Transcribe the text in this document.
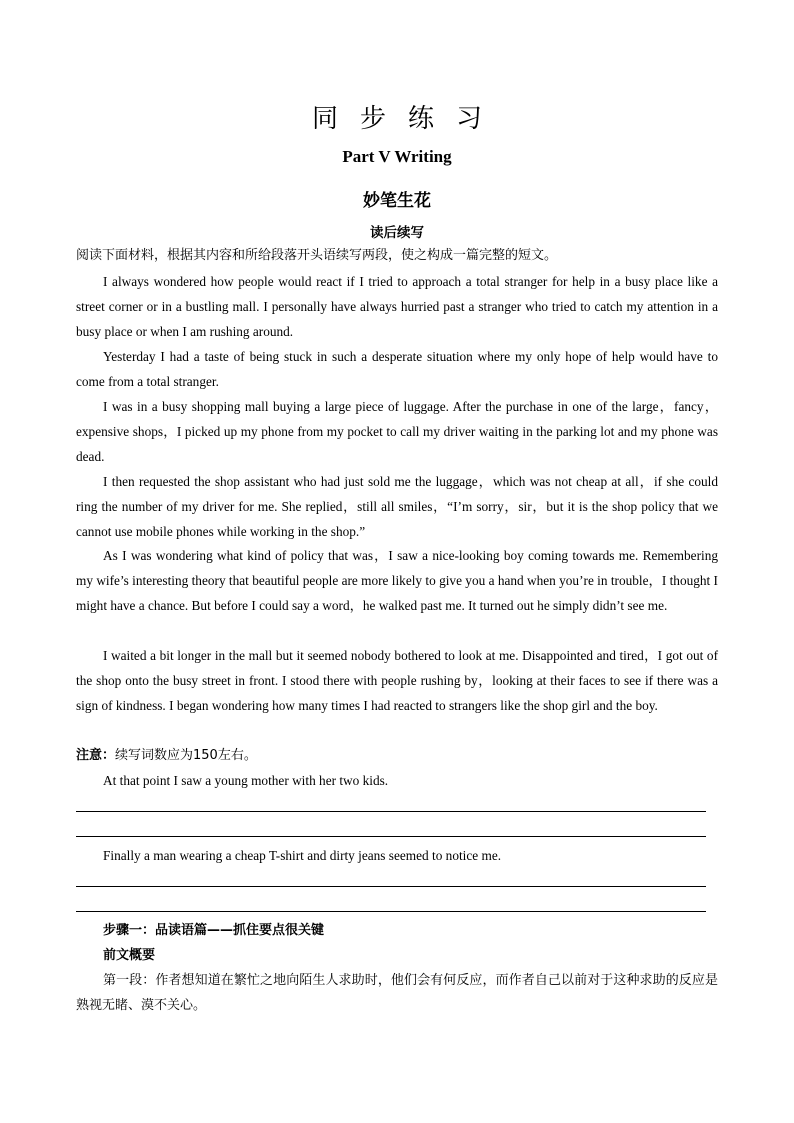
同步练习
Part V Writing
妙笔生花
读后续写

阅读下面材料，根据其内容和所给段落开头语续写两段，使之构成一篇完整的短文。

I always wondered how people would react if I tried to approach a total stranger for help in a busy place like a street corner or in a bustling mall. I personally have always hurried past a stranger who tried to catch my attention in a busy place or when I am rushing around.

Yesterday I had a taste of being stuck in such a desperate situation where my only hope of help would have to come from a total stranger.

I was in a busy shopping mall buying a large piece of luggage. After the purchase in one of the large，fancy，expensive shops，I picked up my phone from my pocket to call my driver waiting in the parking lot and my phone was dead.

I then requested the shop assistant who had just sold me the luggage，which was not cheap at all，if she could ring the number of my driver for me. She replied，still all smiles，“I’m sorry，sir，but it is the shop policy that we cannot use mobile phones while working in the shop.”

As I was wondering what kind of policy that was，I saw a nice-looking boy coming towards me. Remembering my wife’s interesting theory that beautiful people are more likely to give you a hand when you’re in trouble，I thought I might have a chance. But before I could say a word，he walked past me. It turned out he simply didn’t see me.

I waited a bit longer in the mall but it seemed nobody bothered to look at me. Disappointed and tired，I got out of the shop onto the busy street in front. I stood there with people rushing by，looking at their faces to see if there was a sign of kindness. I began wondering how many times I had reacted to strangers like the shop girl and the boy.

注意：续写词数应为150左右。

At that point I saw a young mother with her two kids.

Finally a man wearing a cheap T-shirt and dirty jeans seemed to notice me.

步骤一：品读语篇——抓住要点很关键

前文概要

第一段：作者想知道在繁忙之地向陌生人求助时，他们会有何反应，而作者自己以前对于这种求助的反应是熟视无睹、漠不关心。
